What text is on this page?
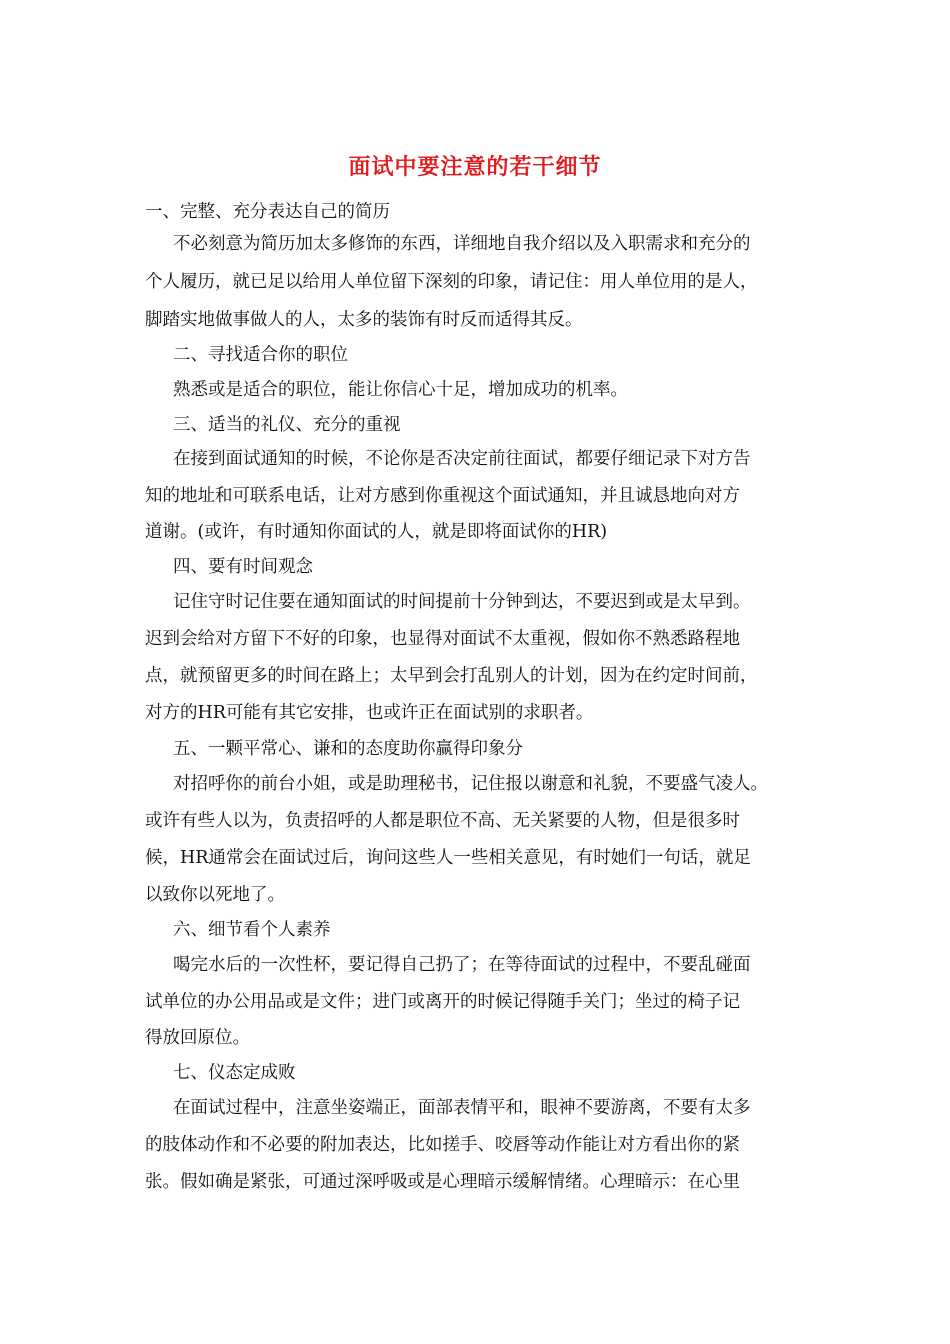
面试中要注意的若干细节
一、完整、充分表达自己的简历
不必刻意为简历加太多修饰的东西，详细地自我介绍以及入职需求和充分的
个人履历，就已足以给用人单位留下深刻的印象，请记住：用人单位用的是人，
脚踏实地做事做人的人，太多的装饰有时反而适得其反。
二、寻找适合你的职位
熟悉或是适合的职位，能让你信心十足，增加成功的机率。
三、适当的礼仪、充分的重视
在接到面试通知的时候，不论你是否决定前往面试，都要仔细记录下对方告
知的地址和可联系电话，让对方感到你重视这个面试通知，并且诚恳地向对方
道谢。(或许，有时通知你面试的人，就是即将面试你的HR)
四、要有时间观念
记住守时记住要在通知面试的时间提前十分钟到达，不要迟到或是太早到。
迟到会给对方留下不好的印象，也显得对面试不太重视，假如你不熟悉路程地
点，就预留更多的时间在路上；太早到会打乱别人的计划，因为在约定时间前，
对方的HR可能有其它安排，也或许正在面试别的求职者。
五、一颗平常心、谦和的态度助你赢得印象分
对招呼你的前台小姐，或是助理秘书，记住报以谢意和礼貌，不要盛气凌人。
或许有些人以为，负责招呼的人都是职位不高、无关紧要的人物，但是很多时
候，HR通常会在面试过后，询问这些人一些相关意见，有时她们一句话，就足
以致你以死地了。
六、细节看个人素养
喝完水后的一次性杯，要记得自己扔了；在等待面试的过程中，不要乱碰面
试单位的办公用品或是文件；进门或离开的时候记得随手关门；坐过的椅子记
得放回原位。
七、仪态定成败
在面试过程中，注意坐姿端正，面部表情平和，眼神不要游离，不要有太多
的肢体动作和不必要的附加表达，比如搓手、咬唇等动作能让对方看出你的紧
张。假如确是紧张，可通过深呼吸或是心理暗示缓解情绪。心理暗示：在心里
